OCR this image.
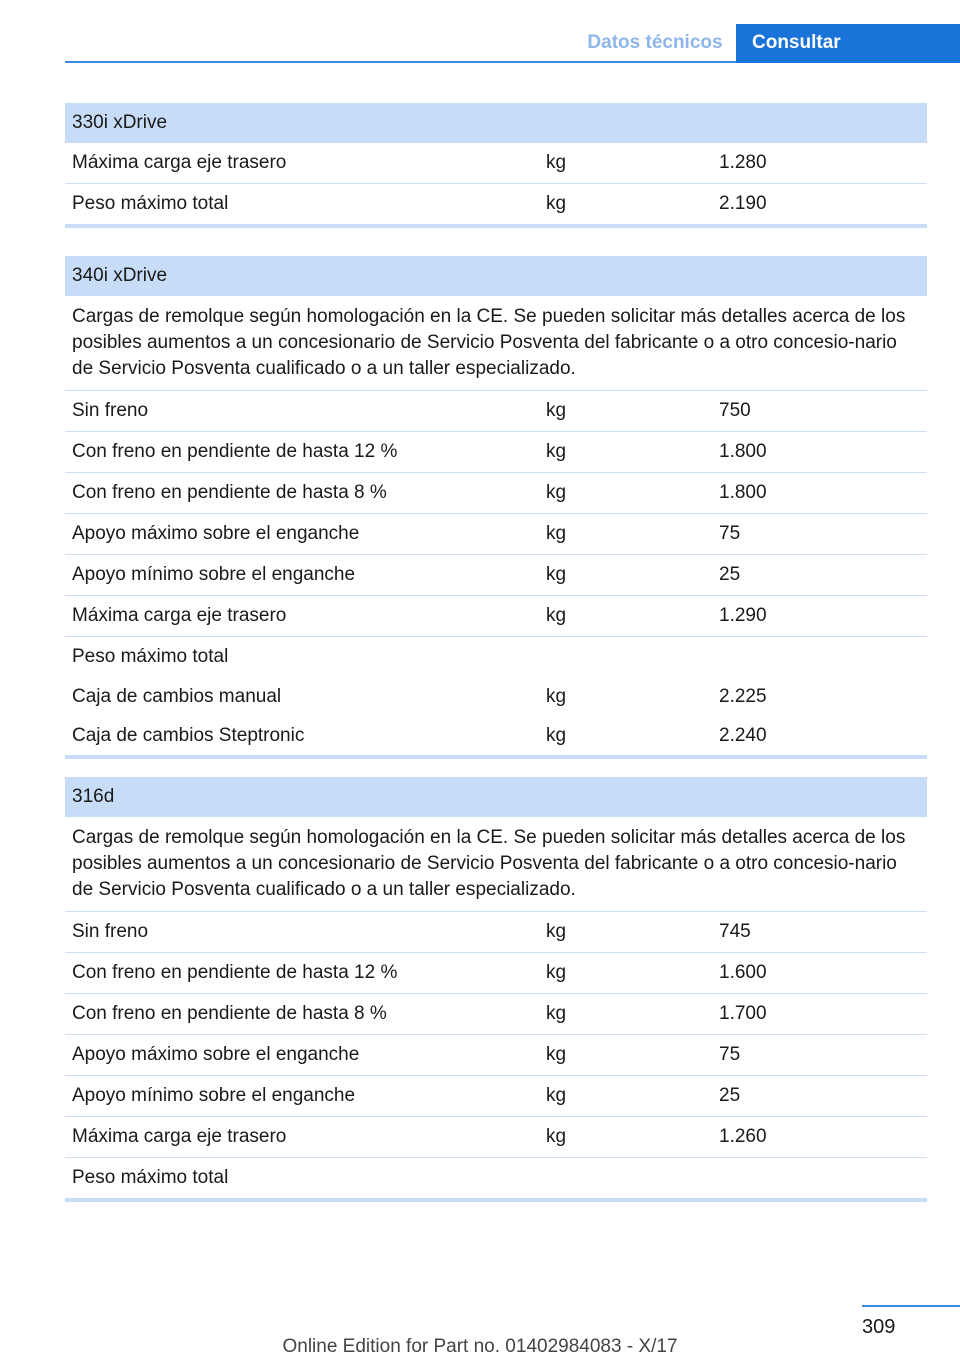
Datos técnicos	Consultar
330i xDrive
Máxima carga eje trasero	kg	1.280
Peso máximo total	kg	2.190
340i xDrive
Cargas de remolque según homologación en la CE. Se pueden solicitar más detalles acerca de los posibles aumentos a un concesionario de Servicio Posventa del fabricante o a otro concesio-nario de Servicio Posventa cualificado o a un taller especializado.
Sin freno	kg	750
Con freno en pendiente de hasta 12 %	kg	1.800
Con freno en pendiente de hasta 8 %	kg	1.800
Apoyo máximo sobre el enganche	kg	75
Apoyo mínimo sobre el enganche	kg	25
Máxima carga eje trasero	kg	1.290
Peso máximo total
Caja de cambios manual	kg	2.225
Caja de cambios Steptronic	kg	2.240
316d
Cargas de remolque según homologación en la CE. Se pueden solicitar más detalles acerca de los posibles aumentos a un concesionario de Servicio Posventa del fabricante o a otro concesio-nario de Servicio Posventa cualificado o a un taller especializado.
Sin freno	kg	745
Con freno en pendiente de hasta 12 %	kg	1.600
Con freno en pendiente de hasta 8 %	kg	1.700
Apoyo máximo sobre el enganche	kg	75
Apoyo mínimo sobre el enganche	kg	25
Máxima carga eje trasero	kg	1.260
Peso máximo total
309
Online Edition for Part no. 01402984083 - X/17
